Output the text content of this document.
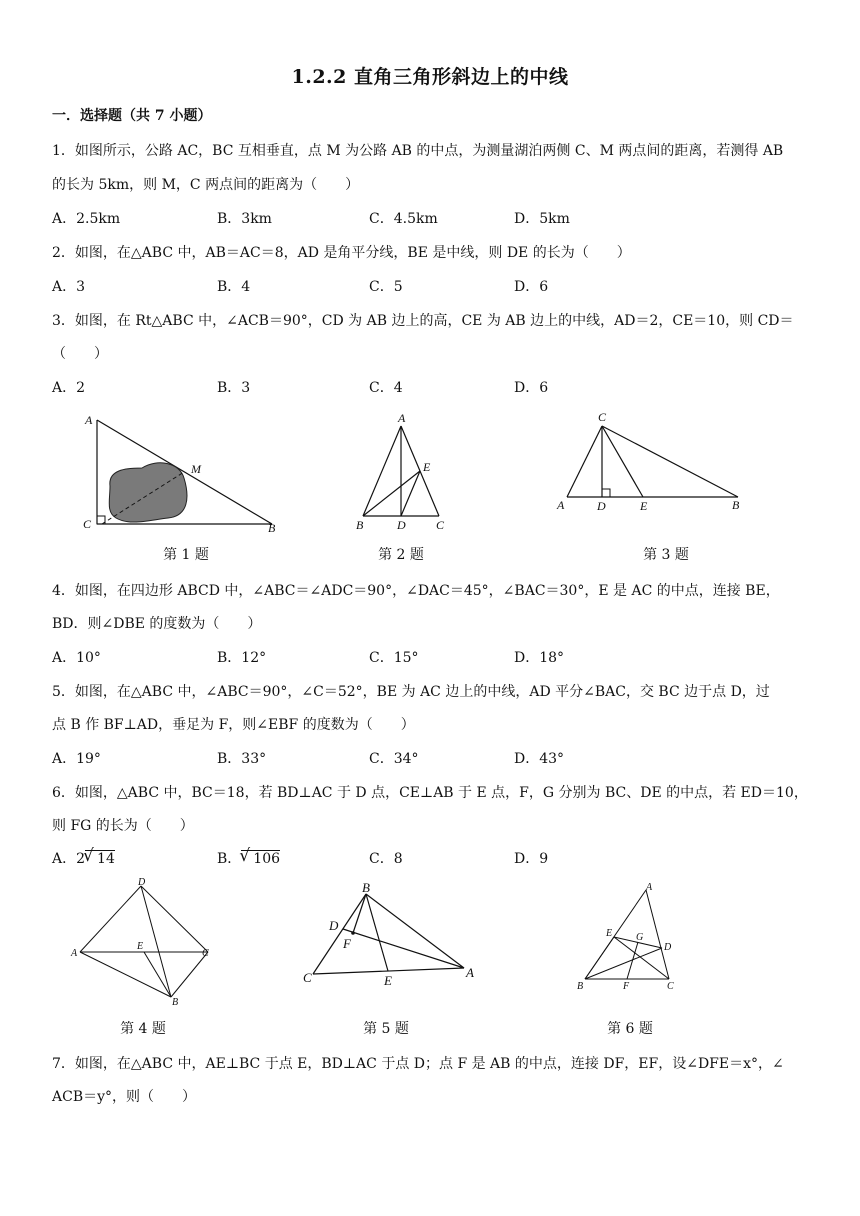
1.2.2 直角三角形斜边上的中线
一．选择题（共 7 小题）
1．如图所示，公路 AC，BC 互相垂直，点 M 为公路 AB 的中点，为测量湖泊两侧 C、M 两点间的距离，若测得 AB
的长为 5km，则 M，C 两点间的距离为（　　）
A．2.5km	B．3km	C．4.5km	D．5km
2．如图，在△ABC 中，AB＝AC＝8，AD 是角平分线，BE 是中线，则 DE 的长为（　　）
A．3	B．4	C．5	D．6
3．如图，在 Rt△ABC 中，∠ACB＝90°，CD 为 AB 边上的高，CE 为 AB 边上的中线，AD＝2，CE＝10，则 CD＝
（　　）
A．2	B．3	C．4	D．6
A
C	B
M
A
E
B	D	C
C
A	D	E	B
第 1 题	第 2 题	第 3 题
4．如图，在四边形 ABCD 中，∠ABC＝∠ADC＝90°，∠DAC＝45°，∠BAC＝30°，E 是 AC 的中点，连接 BE，
BD．则∠DBE 的度数为（　　）
A．10°	B．12°	C．15°	D．18°
5．如图，在△ABC 中，∠ABC＝90°，∠C＝52°，BE 为 AC 边上的中线，AD 平分∠BAC，交 BC 边于点 D，过
点 B 作 BF⊥AD，垂足为 F，则∠EBF 的度数为（　　）
A．19°	B．33°	C．34°	D．43°
6．如图，△ABC 中，BC＝18，若 BD⊥AC 于 D 点，CE⊥AB 于 E 点，F，G 分别为 BC、DE 的中点，若 ED＝10，
则 FG 的长为（　　）
A．2 √ 14	B． √ 106	C．8	D．9
D
A
E
C
B
B
D
F
C	E
A
A
E G
D
B	F	C
第 4 题	第 5 题	第 6 题
7．如图，在△ABC 中，AE⊥BC 于点 E，BD⊥AC 于点 D；点 F 是 AB 的中点，连接 DF，EF，设∠DFE＝x°，∠
ACB＝y°，则（　　）
